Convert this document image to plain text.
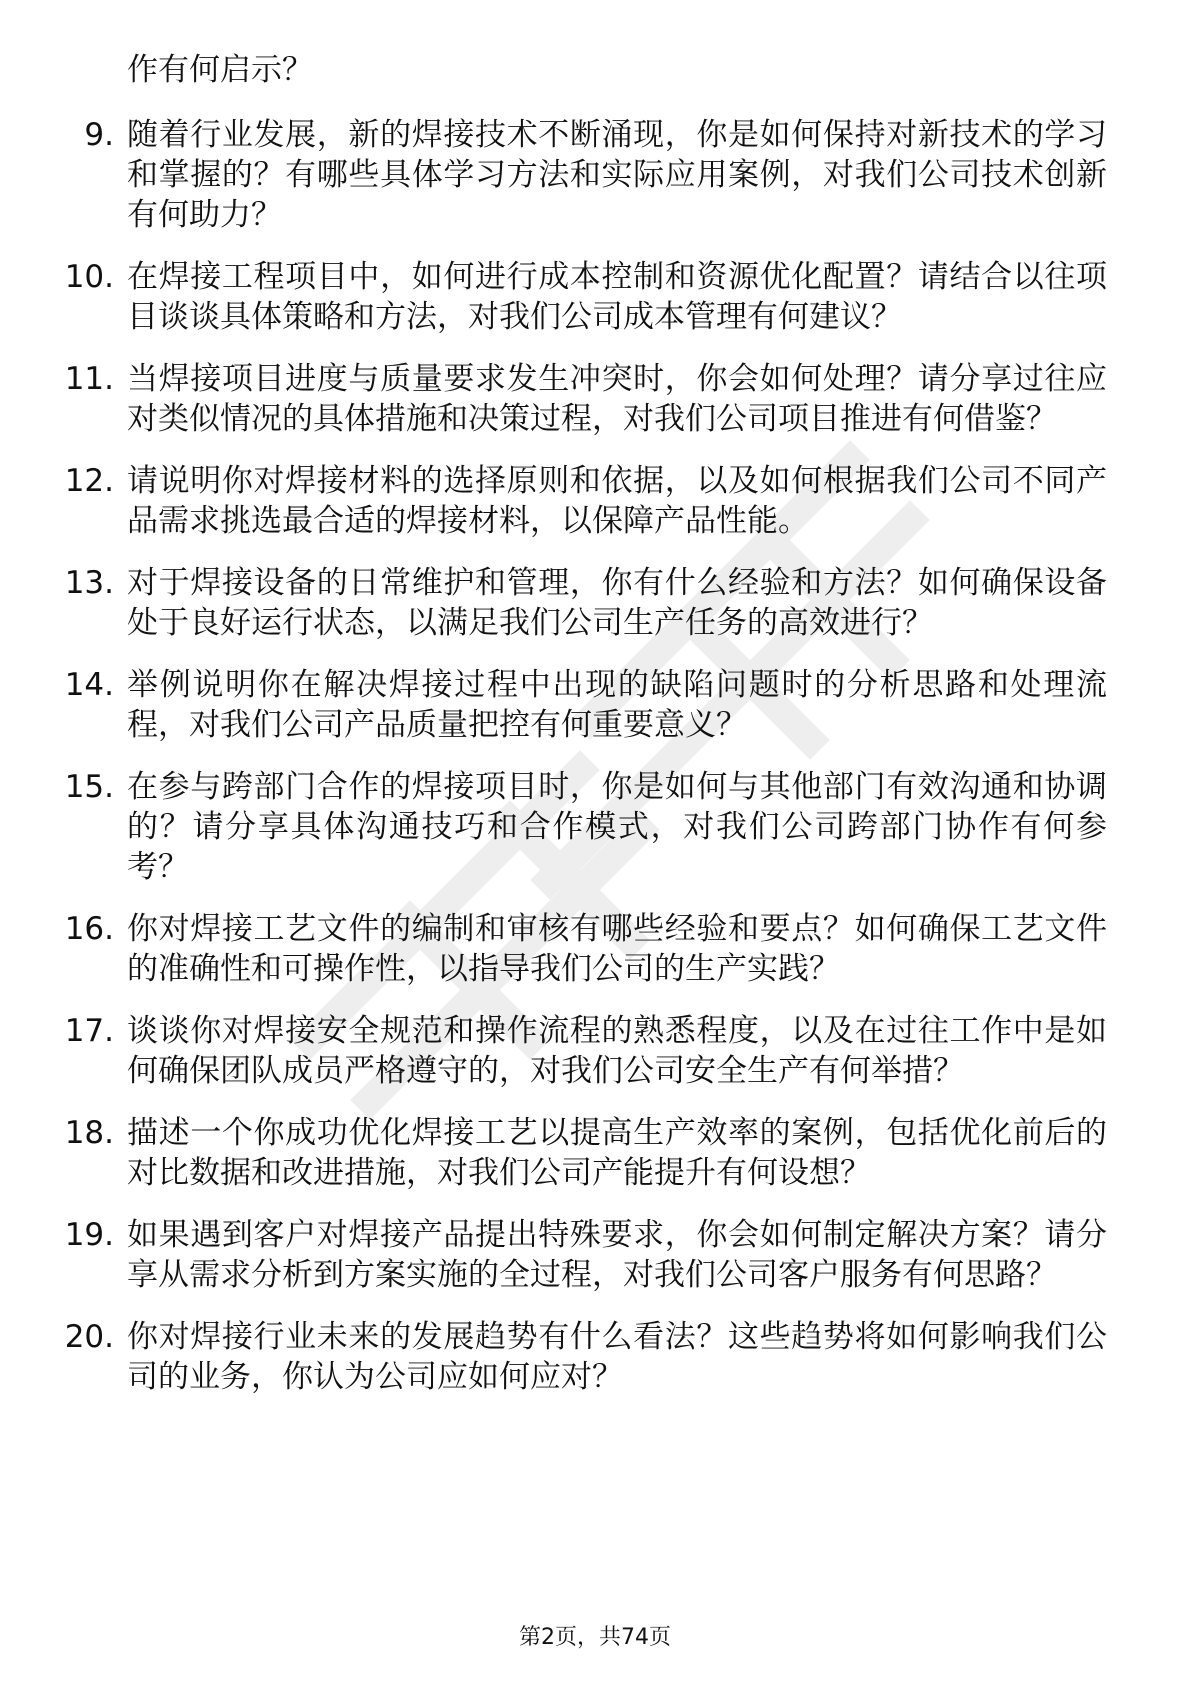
作有何启示？

9. 随着行业发展，新的焊接技术不断涌现，你是如何保持对新技术的学习和掌握的？有哪些具体学习方法和实际应用案例，对我们公司技术创新有何助力？
10. 在焊接工程项目中，如何进行成本控制和资源优化配置？请结合以往项目谈谈具体策略和方法，对我们公司成本管理有何建议？
11. 当焊接项目进度与质量要求发生冲突时，你会如何处理？请分享过往应对类似情况的具体措施和决策过程，对我们公司项目推进有何借鉴？
12. 请说明你对焊接材料的选择原则和依据，以及如何根据我们公司不同产品需求挑选最合适的焊接材料，以保障产品性能。
13. 对于焊接设备的日常维护和管理，你有什么经验和方法？如何确保设备处于良好运行状态，以满足我们公司生产任务的高效进行？
14. 举例说明你在解决焊接过程中出现的缺陷问题时的分析思路和处理流程，对我们公司产品质量把控有何重要意义？
15. 在参与跨部门合作的焊接项目时，你是如何与其他部门有效沟通和协调的？请分享具体沟通技巧和合作模式，对我们公司跨部门协作有何参考？
16. 你对焊接工艺文件的编制和审核有哪些经验和要点？如何确保工艺文件的准确性和可操作性，以指导我们公司的生产实践？
17. 谈谈你对焊接安全规范和操作流程的熟悉程度，以及在过往工作中是如何确保团队成员严格遵守的，对我们公司安全生产有何举措？
18. 描述一个你成功优化焊接工艺以提高生产效率的案例，包括优化前后的对比数据和改进措施，对我们公司产能提升有何设想？
19. 如果遇到客户对焊接产品提出特殊要求，你会如何制定解决方案？请分享从需求分析到方案实施的全过程，对我们公司客户服务有何思路？
20. 你对焊接行业未来的发展趋势有什么看法？这些趋势将如何影响我们公司的业务，你认为公司应如何应对？
第2页，共74页
